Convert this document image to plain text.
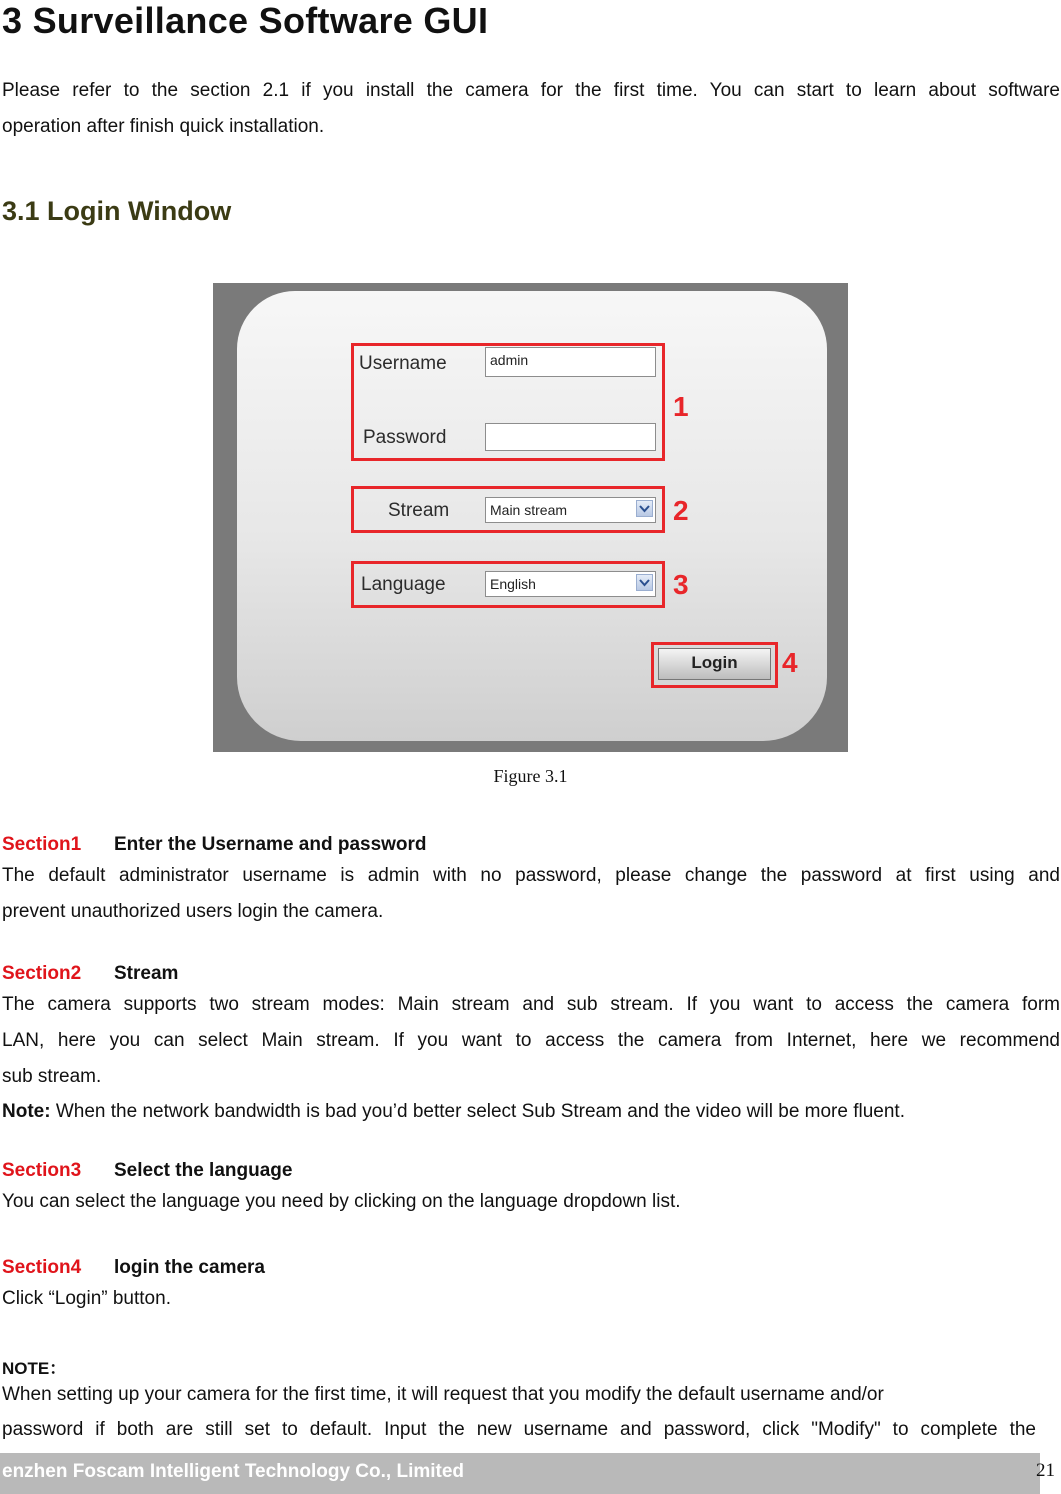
3 Surveillance Software GUI
Please refer to the section 2.1 if you install the camera for the first time. You can start to learn about software
operation after finish quick installation.
3.1 Login Window
Username	admin
Password
1
Stream	Main stream	2
Language	English	3
Login	4
Figure 3.1
Section1 Enter the Username and password
The default administrator username is admin with no password, please change the password at first using and
prevent unauthorized users login the camera.
Section2 Stream
The camera supports two stream modes: Main stream and sub stream. If you want to access the camera form
LAN, here you can select Main stream. If you want to access the camera from Internet, here we recommend
sub stream.
Note: When the network bandwidth is bad you’d better select Sub Stream and the video will be more fluent.
Section3 Select the language
You can select the language you need by clicking on the language dropdown list.
Section4 login the camera
Click “Login” button.
NOTE：
When setting up your camera for the first time, it will request that you modify the default username and/or
password if both are still set to default. Input the new username and password, click "Modify" to complete the
enzhen Foscam Intelligent Technology Co., Limited	21
